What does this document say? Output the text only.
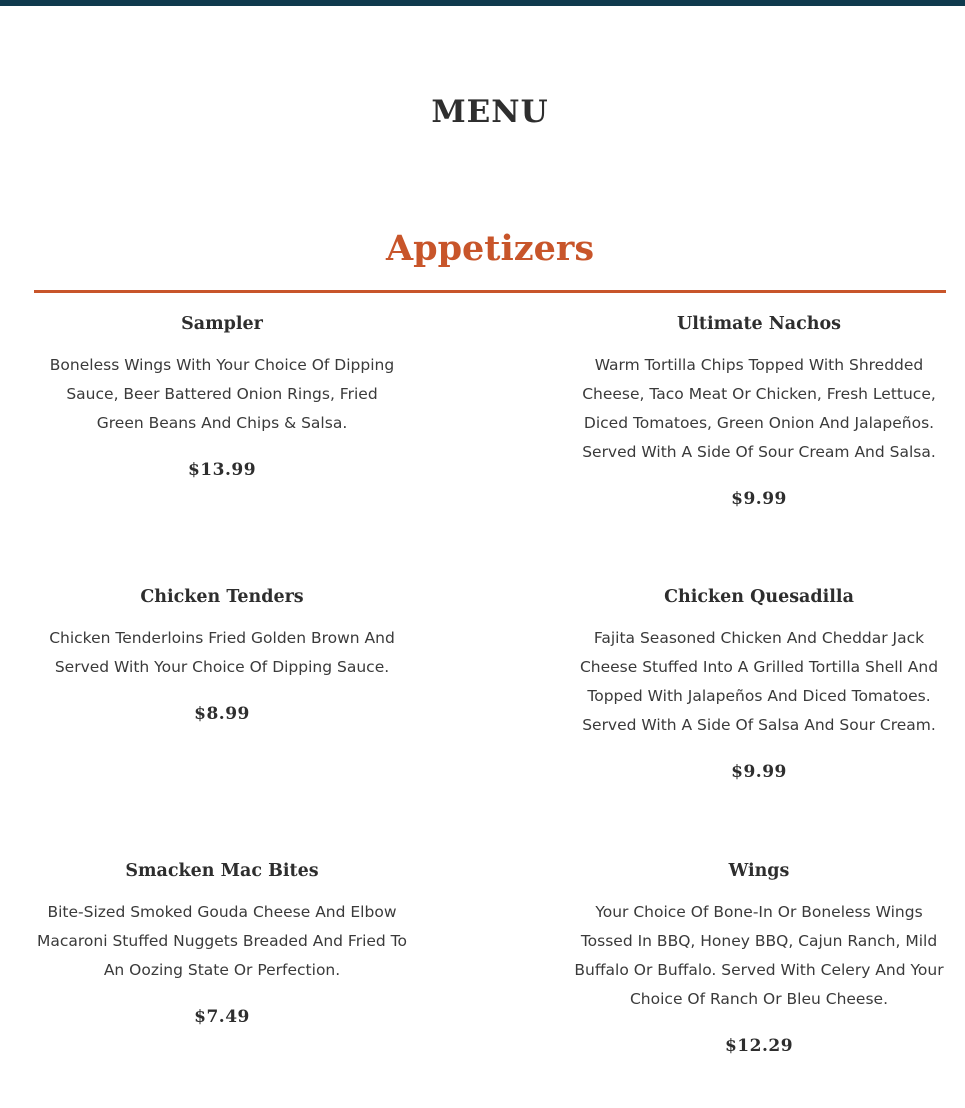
MENU
Appetizers
Sampler

Boneless Wings With Your Choice Of Dipping Sauce, Beer Battered Onion Rings, Fried Green Beans And Chips & Salsa.

$13.99

Ultimate Nachos

Warm Tortilla Chips Topped With Shredded Cheese, Taco Meat Or Chicken, Fresh Lettuce, Diced Tomatoes, Green Onion And Jalapeños. Served With A Side Of Sour Cream And Salsa.

$9.99

Chicken Tenders

Chicken Tenderloins Fried Golden Brown And Served With Your Choice Of Dipping Sauce.

$8.99

Chicken Quesadilla

Fajita Seasoned Chicken And Cheddar Jack Cheese Stuffed Into A Grilled Tortilla Shell And Topped With Jalapeños And Diced Tomatoes. Served With A Side Of Salsa And Sour Cream.

$9.99

Smacken Mac Bites

Bite-Sized Smoked Gouda Cheese And Elbow Macaroni Stuffed Nuggets Breaded And Fried To An Oozing State Or Perfection.

$7.49

Wings

Your Choice Of Bone-In Or Boneless Wings Tossed In BBQ, Honey BBQ, Cajun Ranch, Mild Buffalo Or Buffalo. Served With Celery And Your Choice Of Ranch Or Bleu Cheese.

$12.29
